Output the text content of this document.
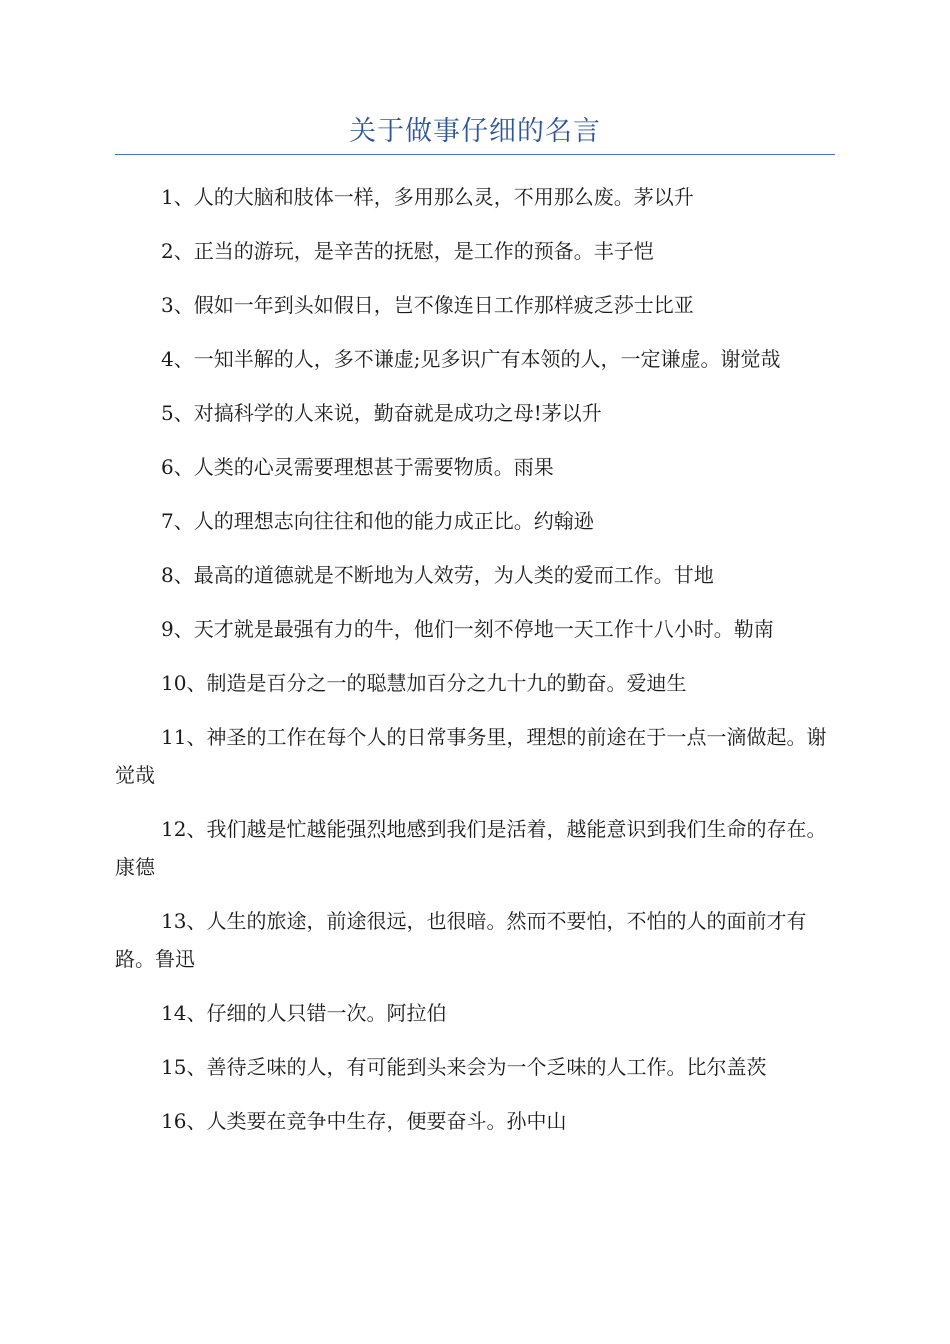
关于做事仔细的名言

1、人的大脑和肢体一样，多用那么灵，不用那么废。茅以升

2、正当的游玩，是辛苦的抚慰，是工作的预备。丰子恺

3、假如一年到头如假日，岂不像连日工作那样疲乏莎士比亚

4、一知半解的人，多不谦虚;见多识广有本领的人，一定谦虚。谢觉哉

5、对搞科学的人来说，勤奋就是成功之母!茅以升

6、人类的心灵需要理想甚于需要物质。雨果

7、人的理想志向往往和他的能力成正比。约翰逊

8、最高的道德就是不断地为人效劳，为人类的爱而工作。甘地

9、天才就是最强有力的牛，他们一刻不停地一天工作十八小时。勒南

10、制造是百分之一的聪慧加百分之九十九的勤奋。爱迪生

11、神圣的工作在每个人的日常事务里，理想的前途在于一点一滴做起。谢觉哉

12、我们越是忙越能强烈地感到我们是活着，越能意识到我们生命的存在。康德

13、人生的旅途，前途很远，也很暗。然而不要怕，不怕的人的面前才有路。鲁迅

14、仔细的人只错一次。阿拉伯

15、善待乏味的人，有可能到头来会为一个乏味的人工作。比尔盖茨

16、人类要在竞争中生存，便要奋斗。孙中山
